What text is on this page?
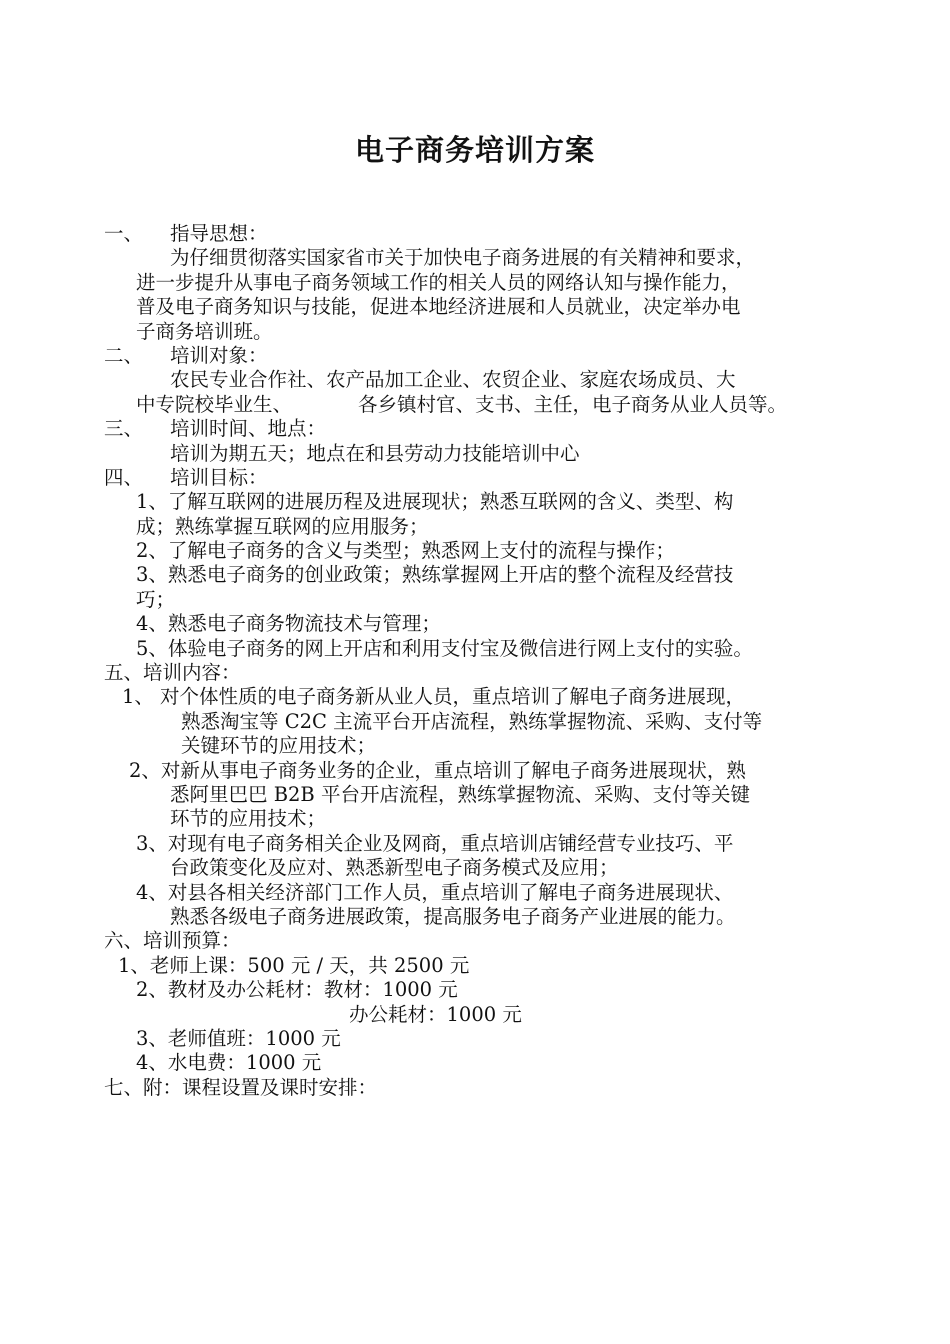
电子商务培训方案
一、 指导思想：
为仔细贯彻落实国家省市关于加快电子商务进展的有关精神和要求，
进一步提升从事电子商务领域工作的相关人员的网络认知与操作能力，
普及电子商务知识与技能，促进本地经济进展和人员就业，决定举办电
子商务培训班。
二、 培训对象：
农民专业合作社、农产品加工企业、农贸企业、家庭农场成员、大
中专院校毕业生、	各乡镇村官、支书、主任，电子商务从业人员等。
三、 培训时间、地点：
培训为期五天；地点在和县劳动力技能培训中心
四、 培训目标：
1、了解互联网的进展历程及进展现状；熟悉互联网的含义、类型、构
成；熟练掌握互联网的应用服务；
2、了解电子商务的含义与类型；熟悉网上支付的流程与操作；
3、熟悉电子商务的创业政策；熟练掌握网上开店的整个流程及经营技
巧；
4、熟悉电子商务物流技术与管理；
5、体验电子商务的网上开店和利用支付宝及微信进行网上支付的实验。
五、培训内容：
1、 对个体性质的电子商务新从业人员，重点培训了解电子商务进展现，
熟悉淘宝等 C2C 主流平台开店流程，熟练掌握物流、采购、支付等
关键环节的应用技术；
2、对新从事电子商务业务的企业，重点培训了解电子商务进展现状，熟
悉阿里巴巴 B2B 平台开店流程，熟练掌握物流、采购、支付等关键
环节的应用技术；
3、对现有电子商务相关企业及网商，重点培训店铺经营专业技巧、平
台政策变化及应对、熟悉新型电子商务模式及应用；
4、对县各相关经济部门工作人员，重点培训了解电子商务进展现状、
熟悉各级电子商务进展政策，提高服务电子商务产业进展的能力。
六、培训预算：
1、老师上课：500 元 / 天，共 2500 元
2、教材及办公耗材：教材：1000 元
办公耗材：1000 元
3、老师值班：1000 元
4、水电费：1000 元
七、附：课程设置及课时安排：
